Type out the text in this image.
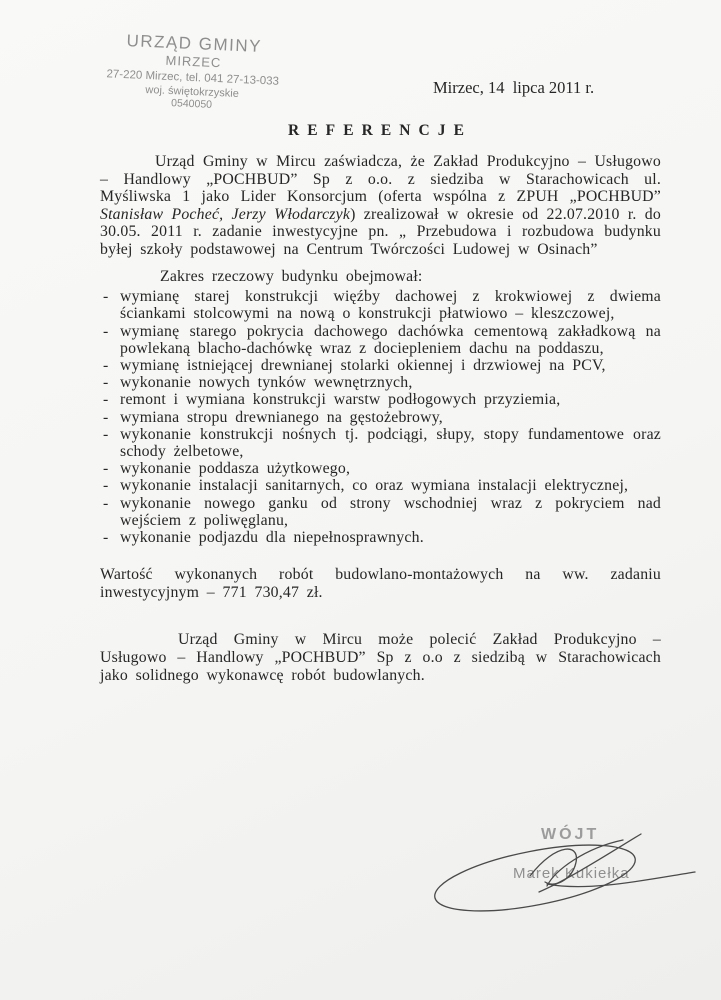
URZĄD GMINY
MIRZEC
27-220 Mirzec, tel. 041 27-13-033
woj. świętokrzyskie
0540050
Mirzec, 14  lipca 2011 r.
REFERENCJE

Urząd Gminy w Mircu zaświadcza, że Zakład Produkcyjno – Usługowo – Handlowy „POCHBUD” Sp z o.o. z siedziba w Starachowicach ul. Myśliwska 1 jako Lider Konsorcjum (oferta wspólna z ZPUH „POCHBUD” Stanisław Pocheć, Jerzy Włodarczyk) zrealizował w okresie od 22.07.2010 r. do 30.05. 2011 r. zadanie inwestycyjne pn. „ Przebudowa i rozbudowa budynku byłej szkoły podstawowej na Centrum Twórczości Ludowej w Osinach”

Zakres rzeczowy budynku obejmował:

- wymianę starej konstrukcji więźby dachowej z krokwiowej z dwiema ściankami stolcowymi na nową o konstrukcji płatwiowo – kleszczowej,
- wymianę starego pokrycia dachowego dachówka cementową zakładkową na powlekaną blacho-dachówkę wraz z dociepleniem dachu na poddaszu,
- wymianę istniejącej drewnianej stolarki okiennej i drzwiowej na PCV,
- wykonanie nowych tynków wewnętrznych,
- remont i wymiana konstrukcji warstw podłogowych przyziemia,
- wymiana stropu drewnianego na gęstożebrowy,
- wykonanie konstrukcji nośnych tj. podciągi, słupy, stopy fundamentowe oraz schody żelbetowe,
- wykonanie poddasza użytkowego,
- wykonanie instalacji sanitarnych, co oraz wymiana instalacji elektrycznej,
- wykonanie nowego ganku od strony wschodniej wraz z pokryciem nad wejściem z poliwęglanu,
- wykonanie podjazdu dla niepełnosprawnych.

Wartość wykonanych robót budowlano-montażowych na ww. zadaniu inwestycyjnym – 771 730,47 zł.

Urząd Gminy w Mircu może polecić Zakład Produkcyjno – Usługowo – Handlowy „POCHBUD” Sp z o.o z siedzibą w Starachowicach jako solidnego wykonawcę robót budowlanych.

WÓJT
Marek Kukiełka
